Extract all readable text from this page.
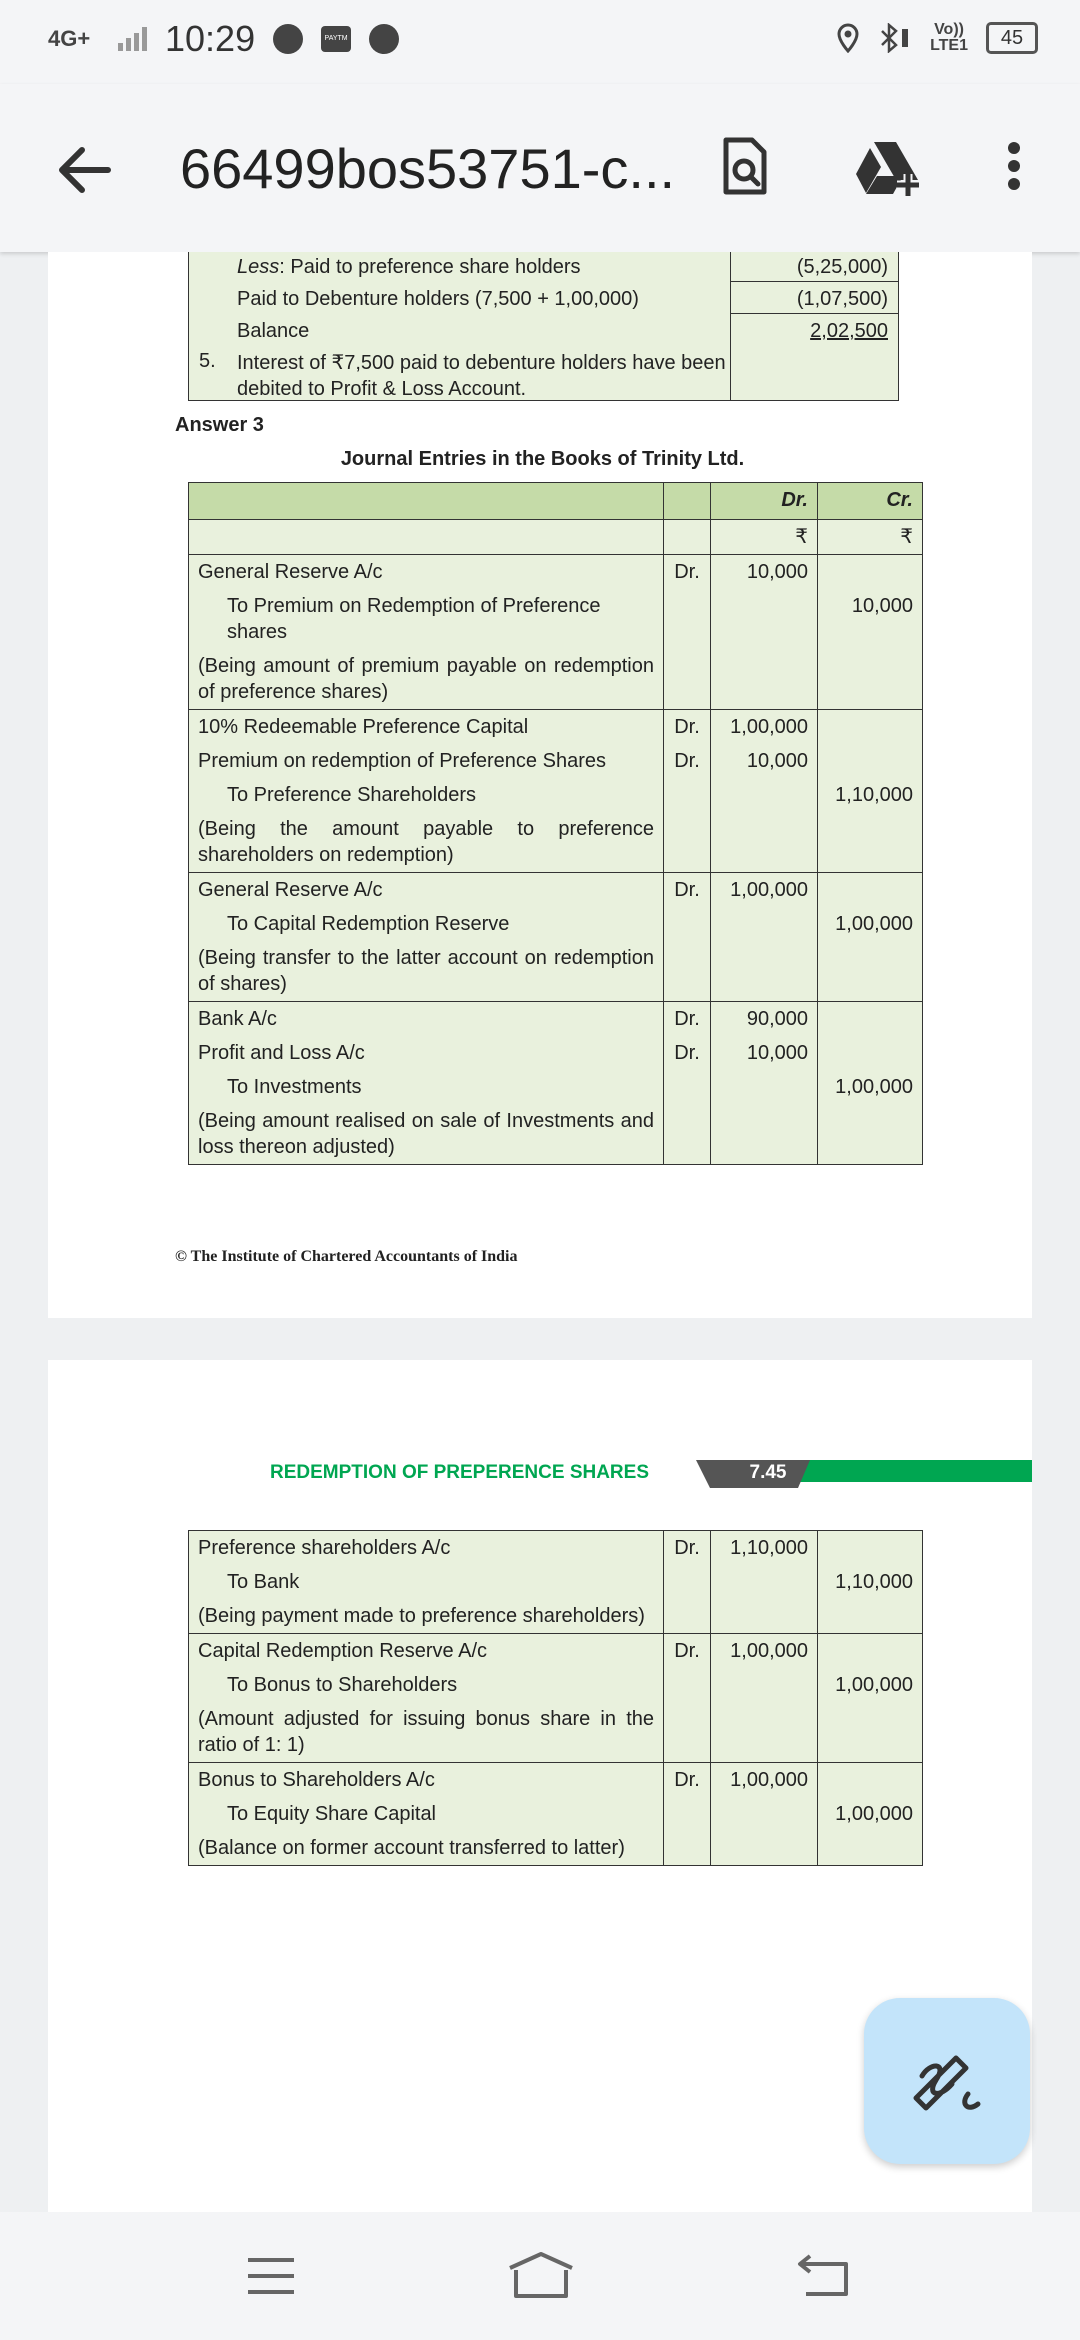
4G+ 10:29	PAYTM
Vo))
LTE1	45
66499bos53751-c...
Less: Paid to preference share holders	(5,25,000)
Paid to Debenture holders (7,500 + 1,00,000)	(1,07,500)
Balance	2,02,500
5. Interest of ₹7,500 paid to debenture holders have been
debited to Profit & Loss Account.
Answer 3
Journal Entries in the Books of Trinity Ltd.
		Dr.	Cr.
		₹	₹
General Reserve A/c	Dr.	10,000	
To Premium on Redemption of Preference shares			10,000
(Being amount of premium payable on redemption of preference shares)			
10% Redeemable Preference Capital	Dr.	1,00,000	
Premium on redemption of Preference Shares	Dr.	10,000	
To Preference Shareholders			1,10,000
(Being the amount payable to preference shareholders on redemption)			
General Reserve A/c	Dr.	1,00,000	
To Capital Redemption Reserve			1,00,000
(Being transfer to the latter account on redemption of shares)			
Bank A/c	Dr.	90,000	
Profit and Loss A/c	Dr.	10,000	
To Investments			1,00,000
(Being amount realised on sale of Investments and loss thereon adjusted)			
© The Institute of Chartered Accountants of India
REDEMPTION OF PREPERENCE SHARES	7.45
Preference shareholders A/c	Dr.	1,10,000	
To Bank			1,10,000
(Being payment made to preference shareholders)			
Capital Redemption Reserve A/c	Dr.	1,00,000	
To Bonus to Shareholders			1,00,000
(Amount adjusted for issuing bonus share in the ratio of 1: 1)			
Bonus to Shareholders A/c	Dr.	1,00,000	
To Equity Share Capital			1,00,000
(Balance on former account transferred to latter)			
